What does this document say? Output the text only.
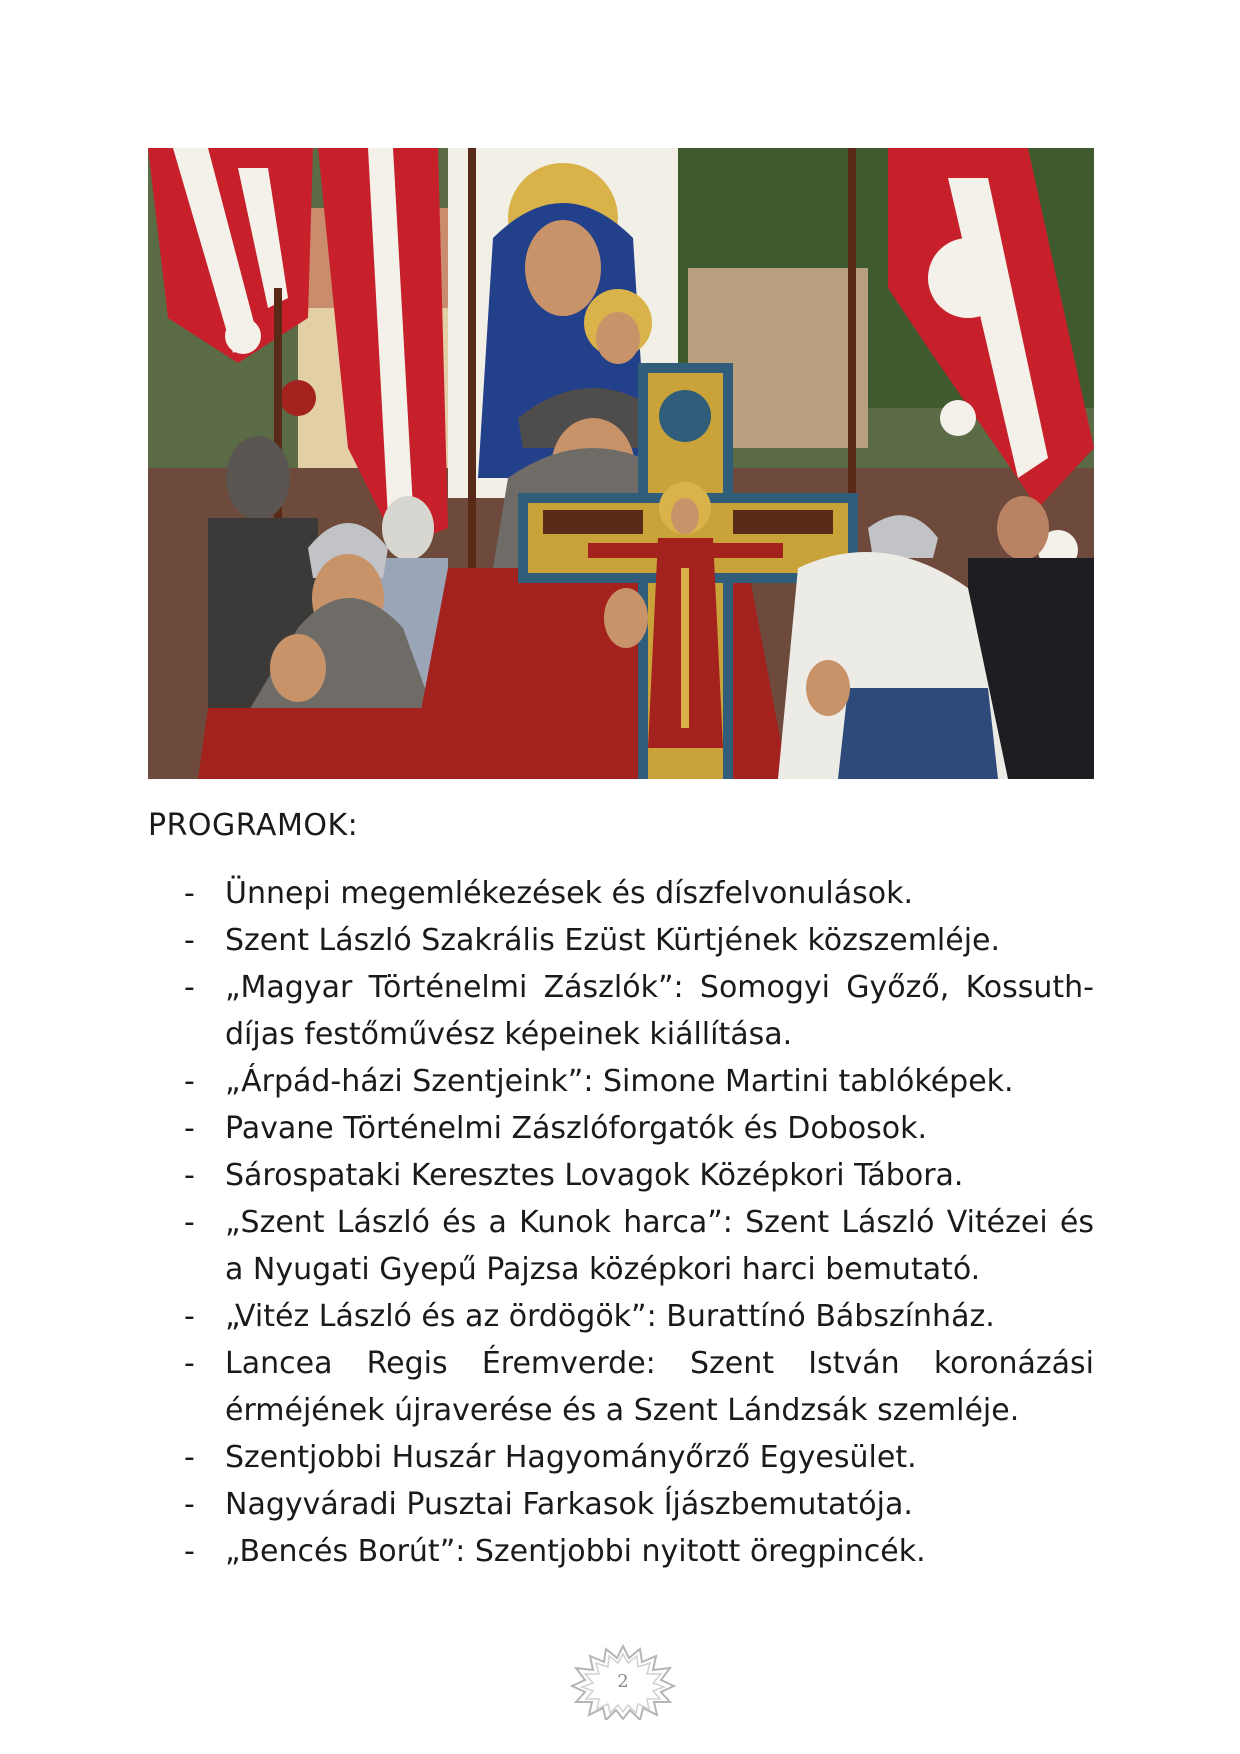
PROGRAMOK:
- Ünnepi megemlékezések és díszfelvonulások.
- Szent László Szakrális Ezüst Kürtjének közszemléje.
- „Magyar Történelmi Zászlók”: Somogyi Győző, Kossuth-díjas festőművész képeinek kiállítása.
- „Árpád-házi Szentjeink”: Simone Martini tablóképek.
- Pavane Történelmi Zászlóforgatók és Dobosok.
- Sárospataki Keresztes Lovagok Középkori Tábora.
- „Szent László és a Kunok harca”: Szent László Vitézei és a Nyugati Gyepű Pajzsa középkori harci bemutató.
- „Vitéz László és az ördögök”: Burattínó Bábszínház.
- Lancea Regis Éremverde: Szent István koronázási érméjének újraverése és a Szent Lándzsák szemléje.
- Szentjobbi Huszár Hagyományőrző Egyesület.
- Nagyváradi Pusztai Farkasok Íjászbemutatója.
- „Bencés Borút”: Szentjobbi nyitott öregpincék.
2
